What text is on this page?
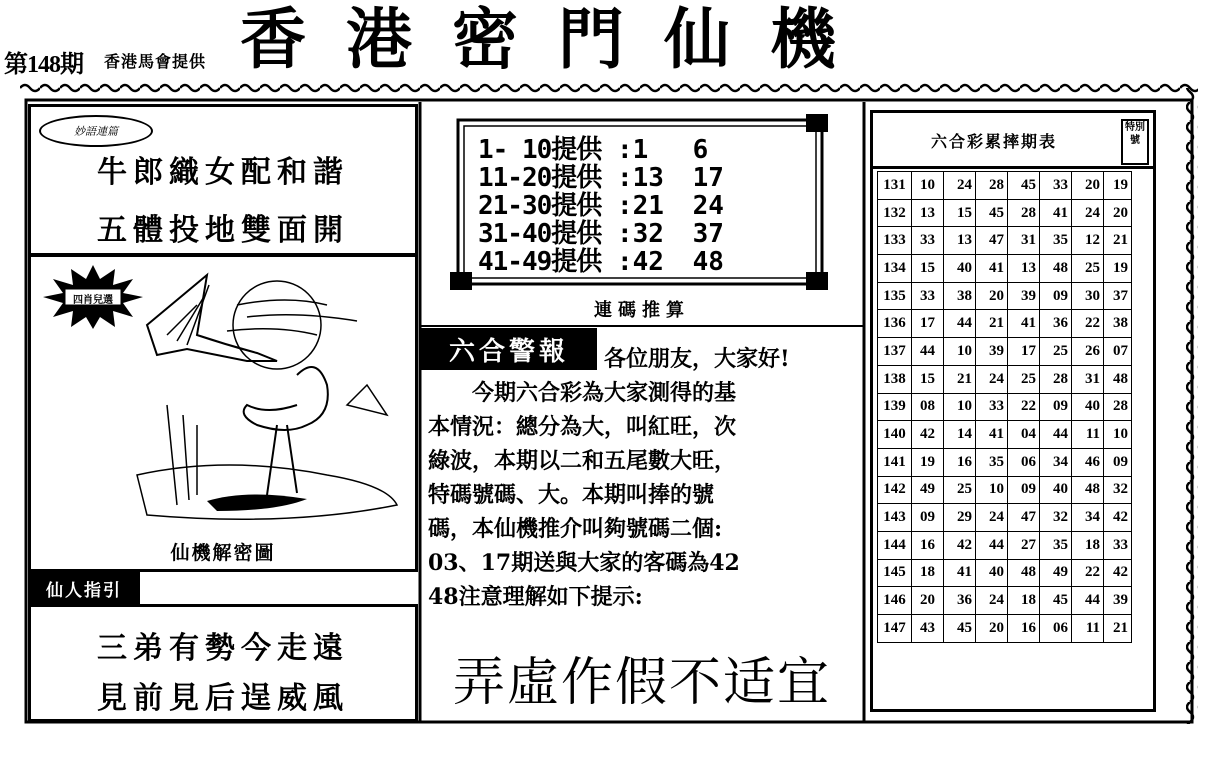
第148期 香港馬會提供 香港密門仙機
妙語連篇
牛郎織女配和諧
五體投地雙面開
四肖兒選
仙機解密圖
仙人指引
三弟有勢今走遠
見前見后逞威風
1- 10提供 :1 6
11-20提供 :13 17
21-30提供 :21 24
31-40提供 :32 37
41-49提供 :42 48
連碼推算
六合警報	各位朋友，大家好!

　　今期六合彩為大家測得的基

本情況：總分為大，叫紅旺，次

綠波，本期以二和五尾數大旺，

特碼號碼、大。本期叫捧的號

碼，本仙機推介叫夠號碼二個:

03、17期送與大家的客碼為42

48注意理解如下提示:

弄虛作假不适宜
六合彩累摔期表
特別號
131	10	24	28	45	33	20	19
132	13	15	45	28	41	24	20
133	33	13	47	31	35	12	21
134	15	40	41	13	48	25	19
135	33	38	20	39	09	30	37
136	17	44	21	41	36	22	38
137	44	10	39	17	25	26	07
138	15	21	24	25	28	31	48
139	08	10	33	22	09	40	28
140	42	14	41	04	44	11	10
141	19	16	35	06	34	46	09
142	49	25	10	09	40	48	32
143	09	29	24	47	32	34	42
144	16	42	44	27	35	18	33
145	18	41	40	48	49	22	42
146	20	36	24	18	45	44	39
147	43	45	20	16	06	11	21
